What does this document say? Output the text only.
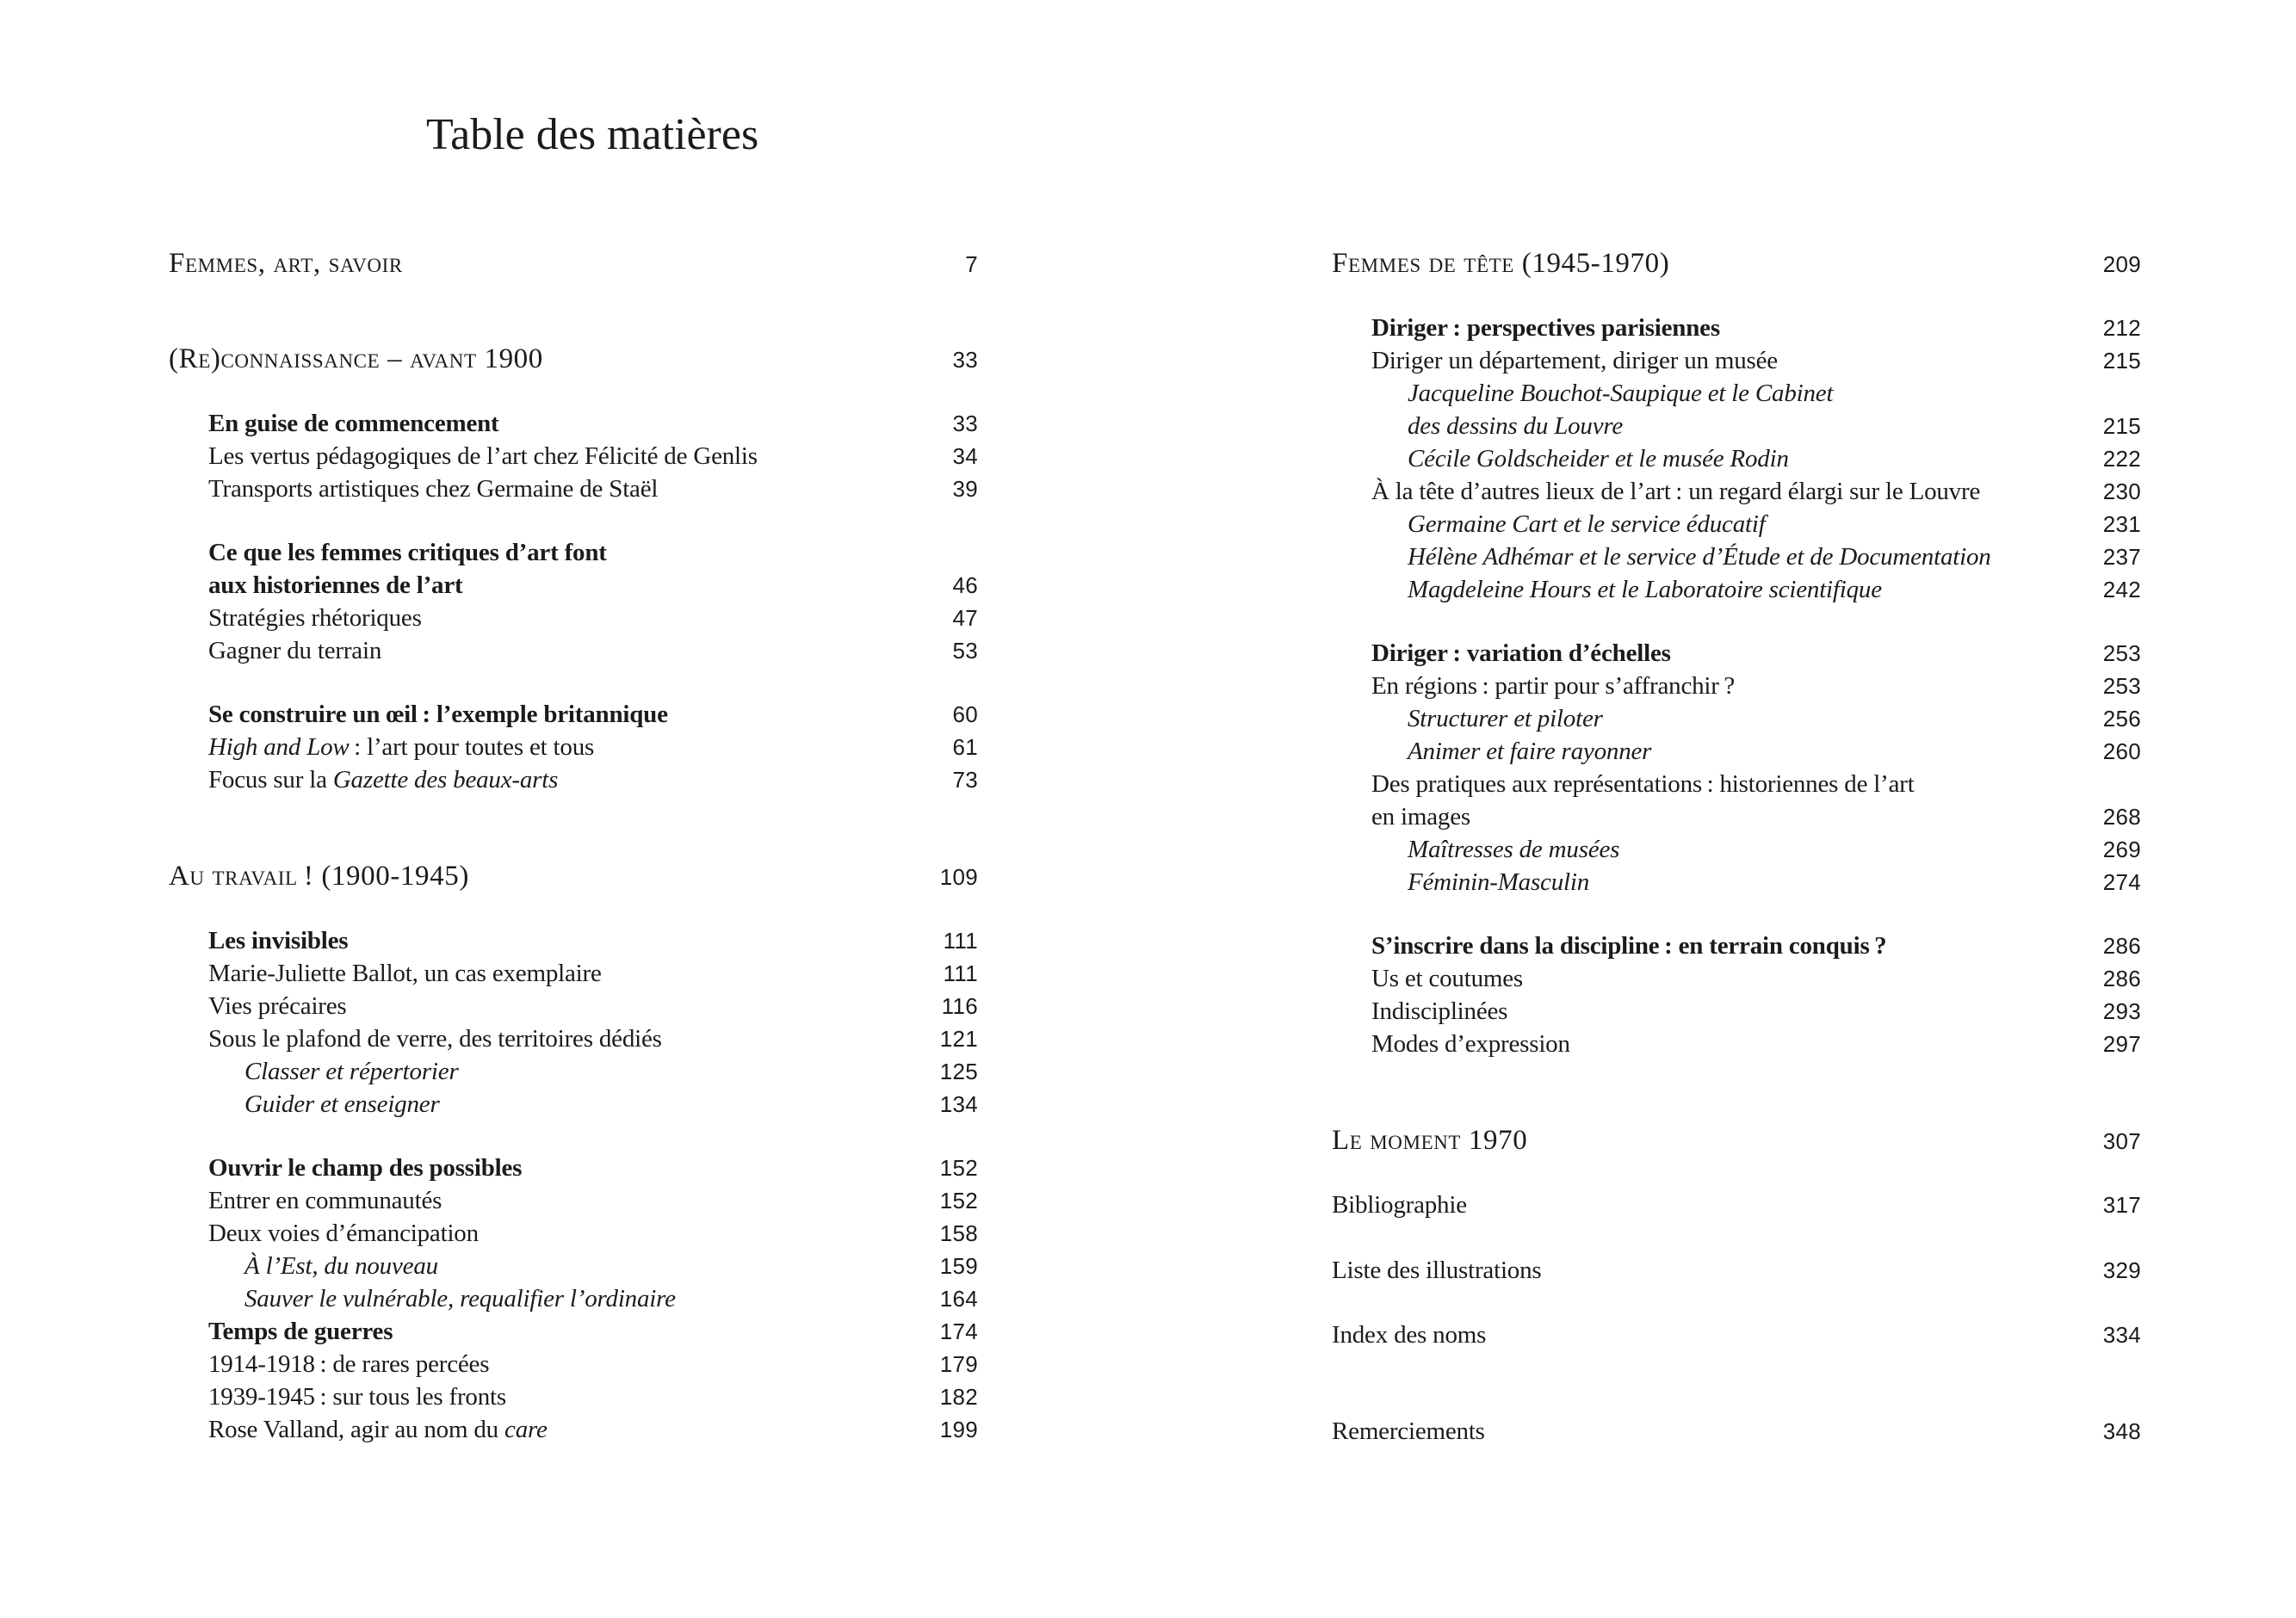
Table des matières
Femmes, art, savoir	7
(Re)connaissance – avant 1900	33
En guise de commencement	33
Les vertus pédagogiques de l’art chez Félicité de Genlis	34
Transports artistiques chez Germaine de Staël	39
Ce que les femmes critiques d’art font
aux historiennes de l’art	46
Stratégies rhétoriques	47
Gagner du terrain	53
Se construire un œil : l’exemple britannique	60
High and Low : l’art pour toutes et tous	61
Focus sur la Gazette des beaux-arts	73
Au travail ! (1900-1945)	109
Les invisibles	111
Marie-Juliette Ballot, un cas exemplaire	111
Vies précaires	116
Sous le plafond de verre, des territoires dédiés	121
Classer et répertorier	125
Guider et enseigner	134
Ouvrir le champ des possibles	152
Entrer en communautés	152
Deux voies d’émancipation	158
À l’Est, du nouveau	159
Sauver le vulnérable, requalifier l’ordinaire	164
Temps de guerres	174
1914-1918 : de rares percées	179
1939-1945 : sur tous les fronts	182
Rose Valland, agir au nom du care	199
Femmes de tête (1945-1970)	209
Diriger : perspectives parisiennes	212
Diriger un département, diriger un musée	215
Jacqueline Bouchot-Saupique et le Cabinet
des dessins du Louvre	215
Cécile Goldscheider et le musée Rodin	222
À la tête d’autres lieux de l’art : un regard élargi sur le Louvre	230
Germaine Cart et le service éducatif	231
Hélène Adhémar et le service d’Étude et de Documentation	237
Magdeleine Hours et le Laboratoire scientifique	242
Diriger : variation d’échelles	253
En régions : partir pour s’affranchir ?	253
Structurer et piloter	256
Animer et faire rayonner	260
Des pratiques aux représentations : historiennes de l’art
en images	268
Maîtresses de musées	269
Féminin-Masculin	274
S’inscrire dans la discipline : en terrain conquis ?	286
Us et coutumes	286
Indisciplinées	293
Modes d’expression	297
Le moment 1970	307
Bibliographie	317
Liste des illustrations	329
Index des noms	334
Remerciements	348
